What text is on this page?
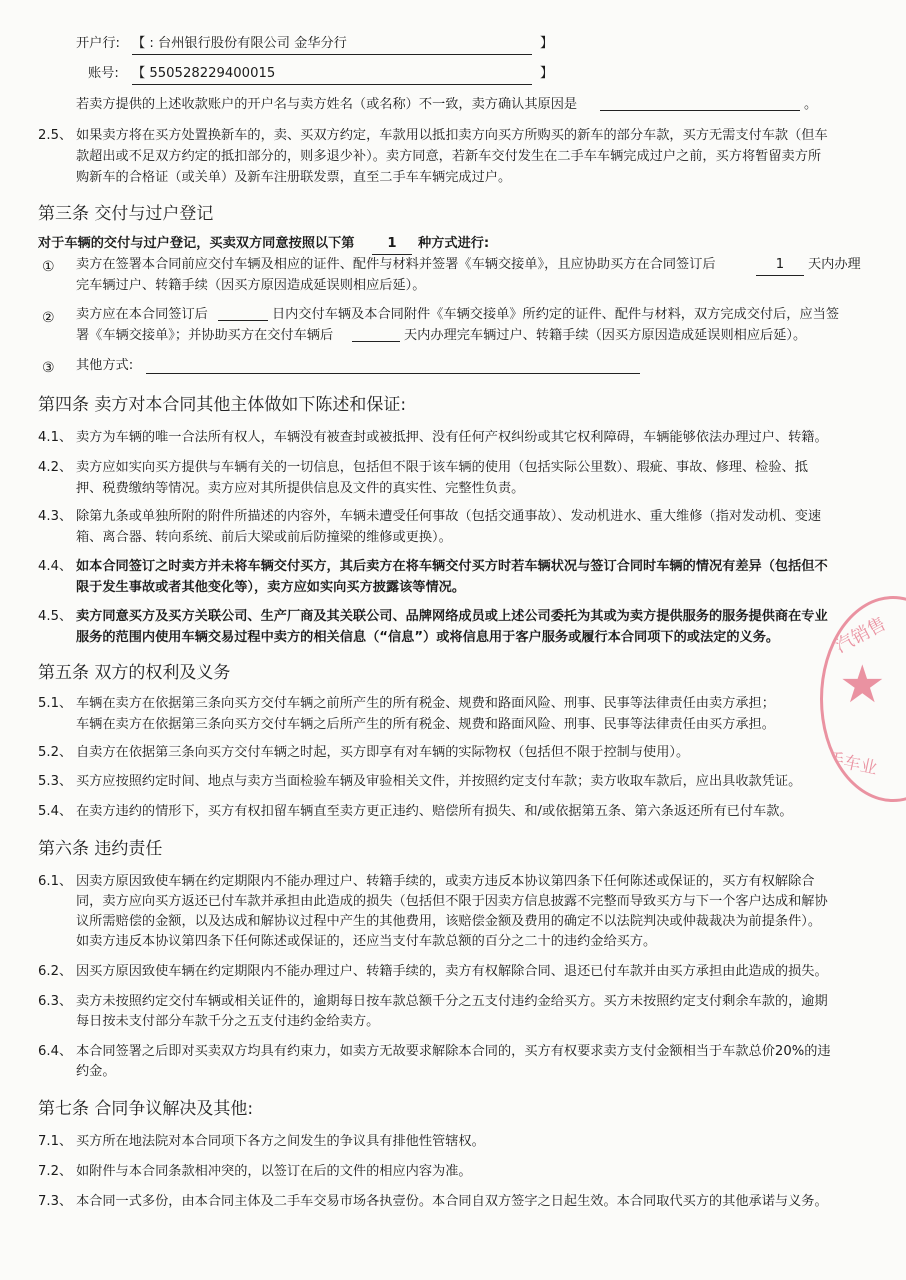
开户行: 【 : 台州银行股份有限公司 金华分行	】
账号: 【 550528229400015	】
若卖方提供的上述收款账户的开户名与卖方姓名（或名称）不一致，卖方确认其原因是	。
2.5、 如果卖方将在买方处置换新车的，卖、买双方约定，车款用以抵扣卖方向买方所购买的新车的部分车款，买方无需支付车款（但车
款超出或不足双方约定的抵扣部分的，则多退少补）。卖方同意，若新车交付发生在二手车车辆完成过户之前，买方将暂留卖方所
购新车的合格证（或关单）及新车注册联发票，直至二手车车辆完成过户。
第三条 交付与过户登记
对于车辆的交付与过户登记，买卖双方同意按照以下第	1	种方式进行:
① 卖方在签署本合同前应交付车辆及相应的证件、配件与材料并签署《车辆交接单》，且应协助买方在合同签订后	1	天内办理
完车辆过户、转籍手续（因买方原因造成延误则相应后延）。
② 卖方应在本合同签订后	日内交付车辆及本合同附件《车辆交接单》所约定的证件、配件与材料，双方完成交付后，应当签
署《车辆交接单》；并协助买方在交付车辆后	天内办理完车辆过户、转籍手续（因买方原因造成延误则相应后延）。
③ 其他方式:
第四条 卖方对本合同其他主体做如下陈述和保证:
4.1、 卖方为车辆的唯一合法所有权人，车辆没有被查封或被抵押、没有任何产权纠纷或其它权利障碍，车辆能够依法办理过户、转籍。
4.2、 卖方应如实向买方提供与车辆有关的一切信息，包括但不限于该车辆的使用（包括实际公里数）、瑕疵、事故、修理、检验、抵
押、税费缴纳等情况。卖方应对其所提供信息及文件的真实性、完整性负责。
4.3、 除第九条或单独所附的附件所描述的内容外，车辆未遭受任何事故（包括交通事故）、发动机进水、重大维修（指对发动机、变速
箱、离合器、转向系统、前后大梁或前后防撞梁的维修或更换）。
4.4、 如本合同签订之时卖方并未将车辆交付买方，其后卖方在将车辆交付买方时若车辆状况与签订合同时车辆的情况有差异（包括但不
限于发生事故或者其他变化等），卖方应如实向买方披露该等情况。
4.5、 卖方同意买方及买方关联公司、生产厂商及其关联公司、品牌网络成员或上述公司委托为其或为卖方提供服务的服务提供商在专业
服务的范围内使用车辆交易过程中卖方的相关信息（“信息”）或将信息用于客户服务或履行本合同项下的或法定的义务。
第五条 双方的权利及义务
5.1、 车辆在卖方在依据第三条向买方交付车辆之前所产生的所有税金、规费和路面风险、刑事、民事等法律责任由卖方承担；
车辆在卖方在依据第三条向买方交付车辆之后所产生的所有税金、规费和路面风险、刑事、民事等法律责任由买方承担。
5.2、 自卖方在依据第三条向买方交付车辆之时起，买方即享有对车辆的实际物权（包括但不限于控制与使用）。
5.3、 买方应按照约定时间、地点与卖方当面检验车辆及审验相关文件，并按照约定支付车款；卖方收取车款后，应出具收款凭证。
5.4、 在卖方违约的情形下，买方有权扣留车辆直至卖方更正违约、赔偿所有损失、和/或依据第五条、第六条返还所有已付车款。
第六条 违约责任
6.1、 因卖方原因致使车辆在约定期限内不能办理过户、转籍手续的，或卖方违反本协议第四条下任何陈述或保证的，买方有权解除合
同，卖方应向买方返还已付车款并承担由此造成的损失（包括但不限于因卖方信息披露不完整而导致买方与下一个客户达成和解协
议所需赔偿的金额，以及达成和解协议过程中产生的其他费用，该赔偿金额及费用的确定不以法院判决或仲裁裁决为前提条件）。
如卖方违反本协议第四条下任何陈述或保证的，还应当支付车款总额的百分之二十的违约金给买方。
6.2、 因买方原因致使车辆在约定期限内不能办理过户、转籍手续的，卖方有权解除合同、退还已付车款并由买方承担由此造成的损失。
6.3、 卖方未按照约定交付车辆或相关证件的，逾期每日按车款总额千分之五支付违约金给买方。买方未按照约定支付剩余车款的，逾期
每日按未支付部分车款千分之五支付违约金给卖方。
6.4、 本合同签署之后即对买卖双方均具有约束力，如卖方无故要求解除本合同的，买方有权要求卖方支付金额相当于车款总价20%的违
约金。
第七条 合同争议解决及其他:
7.1、 买方所在地法院对本合同项下各方之间发生的争议具有排他性管辖权。
7.2、 如附件与本合同条款相冲突的，以签订在后的文件的相应内容为准。
7.3、 本合同一式多份，由本合同主体及二手车交易市场各执壹份。本合同自双方签字之日起生效。本合同取代买方的其他承诺与义务。
汽销售
★
手车业
